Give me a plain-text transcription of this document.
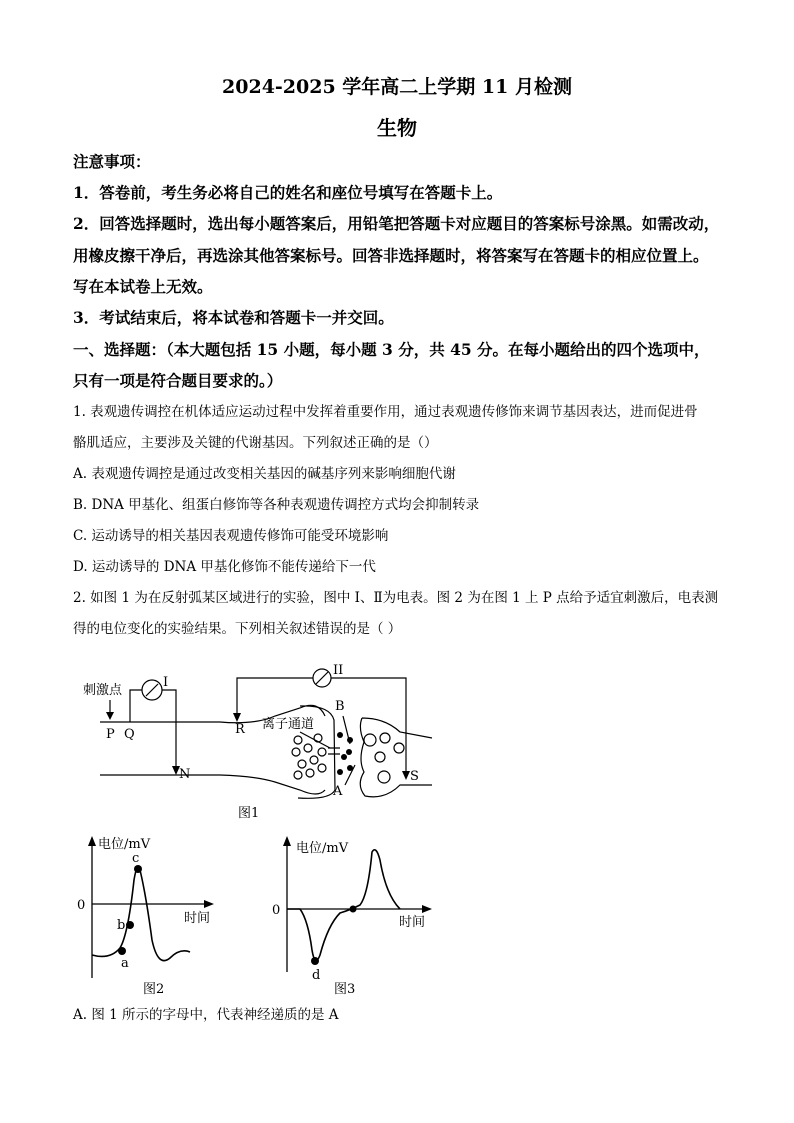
2024-2025 学年高二上学期 11 月检测
生物
注意事项：
1．答卷前，考生务必将自己的姓名和座位号填写在答题卡上。
2．回答选择题时，选出每小题答案后，用铅笔把答题卡对应题目的答案标号涂黑。如需改动，
用橡皮擦干净后，再选涂其他答案标号。回答非选择题时，将答案写在答题卡的相应位置上。
写在本试卷上无效。
3．考试结束后，将本试卷和答题卡一并交回。
一、选择题：（本大题包括 15 小题，每小题 3 分，共 45 分。在每小题给出的四个选项中，
只有一项是符合题目要求的。）
1. 表观遗传调控在机体适应运动过程中发挥着重要作用，通过表观遗传修饰来调节基因表达，进而促进骨
骼肌适应，主要涉及关键的代谢基因。下列叙述正确的是（）
A. 表观遗传调控是通过改变相关基因的碱基序列来影响细胞代谢
B. DNA 甲基化、组蛋白修饰等各种表观遗传调控方式均会抑制转录
C. 运动诱导的相关基因表观遗传修饰可能受环境影响
D. 运动诱导的 DNA 甲基化修饰不能传递给下一代
2. 如图 1 为在反射弧某区域进行的实验，图中 I、Ⅱ为电表。图 2 为在图 1 上 P 点给予适宜刺激后，电表测
得的电位变化的实验结果。下列相关叙述错误的是（ ）
刺激点
I
II
P Q	R
N	S
B
A
离子通道
图1
电位/mV
0
时间
a
b
c
图2
电位/mV
0
时间
d
图3
A. 图 1 所示的字母中，代表神经递质的是 A
